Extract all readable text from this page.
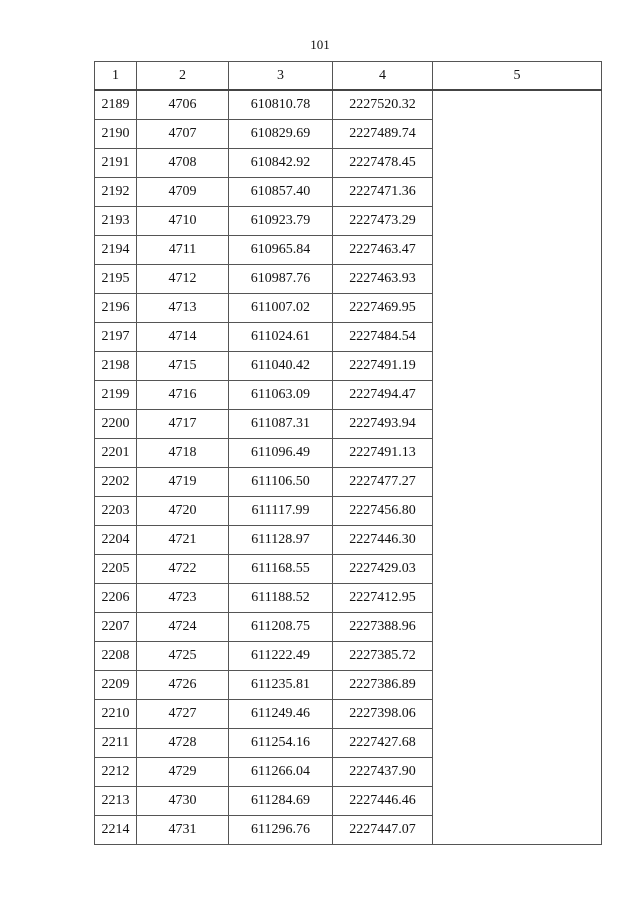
101
1	2	3	4	5
2189	4706	610810.78	2227520.32	
2190	4707	610829.69	2227489.74	
2191	4708	610842.92	2227478.45	
2192	4709	610857.40	2227471.36	
2193	4710	610923.79	2227473.29	
2194	4711	610965.84	2227463.47	
2195	4712	610987.76	2227463.93	
2196	4713	611007.02	2227469.95	
2197	4714	611024.61	2227484.54	
2198	4715	611040.42	2227491.19	
2199	4716	611063.09	2227494.47	
2200	4717	611087.31	2227493.94	
2201	4718	611096.49	2227491.13	
2202	4719	611106.50	2227477.27	
2203	4720	611117.99	2227456.80	
2204	4721	611128.97	2227446.30	
2205	4722	611168.55	2227429.03	
2206	4723	611188.52	2227412.95	
2207	4724	611208.75	2227388.96	
2208	4725	611222.49	2227385.72	
2209	4726	611235.81	2227386.89	
2210	4727	611249.46	2227398.06	
2211	4728	611254.16	2227427.68	
2212	4729	611266.04	2227437.90	
2213	4730	611284.69	2227446.46	
2214	4731	611296.76	2227447.07	
